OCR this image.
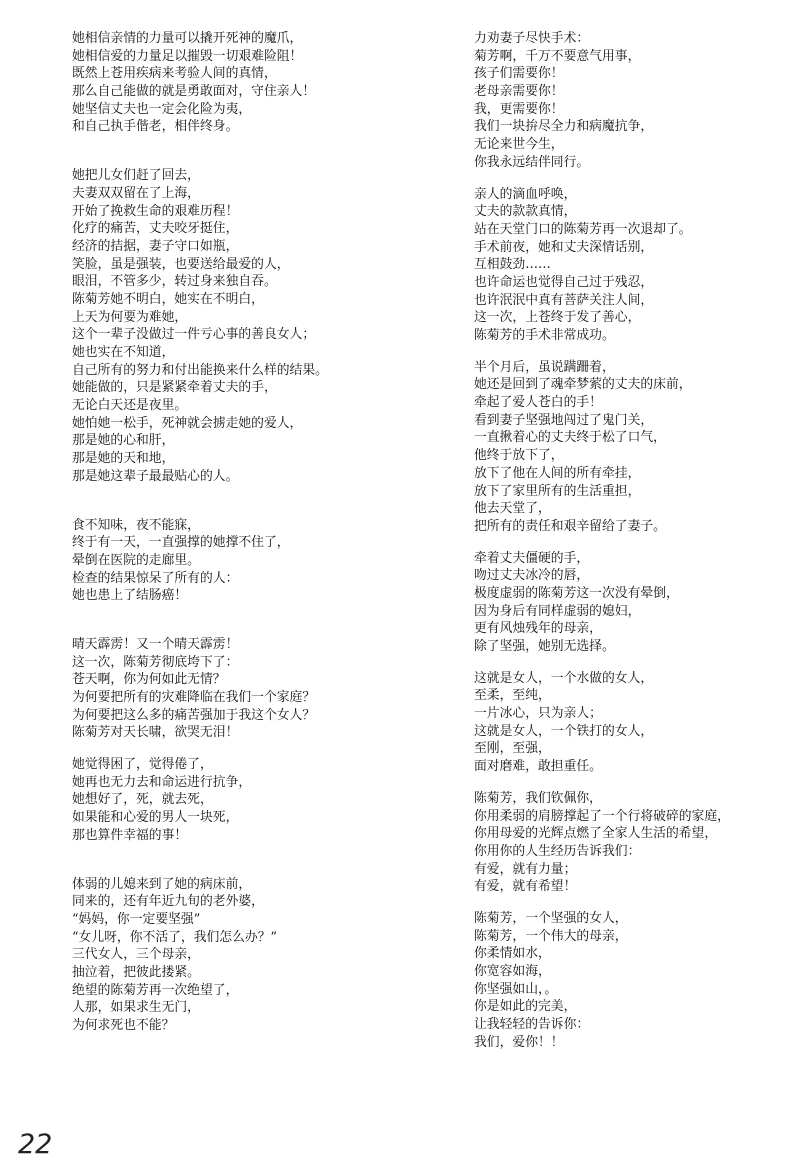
她相信亲情的力量可以撬开死神的魔爪，
她相信爱的力量足以摧毁一切艰难险阻！
既然上苍用疾病来考验人间的真情，
那么自己能做的就是勇敢面对，守住亲人！
她坚信丈夫也一定会化险为夷，
和自己执手偕老，相伴终身。
她把儿女们赶了回去，
夫妻双双留在了上海，
开始了挽救生命的艰难历程！
化疗的痛苦，丈夫咬牙挺住，
经济的拮据，妻子守口如瓶，
笑脸，虽是强装，也要送给最爱的人，
眼泪，不管多少，转过身来独自吞。
陈菊芳她不明白，她实在不明白，
上天为何要为难她，
这个一辈子没做过一件亏心事的善良女人；
她也实在不知道，
自己所有的努力和付出能换来什么样的结果。
她能做的，只是紧紧牵着丈夫的手，
无论白天还是夜里。
她怕她一松手，死神就会掳走她的爱人，
那是她的心和肝，
那是她的天和地，
那是她这辈子最最贴心的人。
食不知味，夜不能寐，
终于有一天，一直强撑的她撑不住了，
晕倒在医院的走廊里。
检查的结果惊呆了所有的人：
她也患上了结肠癌！
晴天霹雳！又一个晴天霹雳！
这一次，陈菊芳彻底垮下了：
苍天啊，你为何如此无情？
为何要把所有的灾难降临在我们一个家庭？
为何要把这么多的痛苦强加于我这个女人？
陈菊芳对天长啸，欲哭无泪！
她觉得困了，觉得倦了，
她再也无力去和命运进行抗争，
她想好了，死，就去死，
如果能和心爱的男人一块死，
那也算件幸福的事！
体弱的儿媳来到了她的病床前，
同来的，还有年近九旬的老外婆，
“妈妈，你一定要坚强”
“女儿呀，你不活了，我们怎么办？”
三代女人，三个母亲，
抽泣着，把彼此搂紧。
绝望的陈菊芳再一次绝望了，
人那，如果求生无门，
为何求死也不能？
力劝妻子尽快手术：
菊芳啊，千万不要意气用事，
孩子们需要你！
老母亲需要你！
我，更需要你！
我们一块拚尽全力和病魔抗争，
无论来世今生，
你我永远结伴同行。
亲人的滴血呼唤，
丈夫的款款真情，
站在天堂门口的陈菊芳再一次退却了。
手术前夜，她和丈夫深情话别，
互相鼓劲……
也许命运也觉得自己过于残忍，
也许泯泯中真有菩萨关注人间，
这一次，上苍终于发了善心，
陈菊芳的手术非常成功。
半个月后，虽说蹒跚着，
她还是回到了魂牵梦萦的丈夫的床前，
牵起了爱人苍白的手！
看到妻子坚强地闯过了鬼门关，
一直揪着心的丈夫终于松了口气，
他终于放下了，
放下了他在人间的所有牵挂，
放下了家里所有的生活重担，
他去天堂了，
把所有的责任和艰辛留给了妻子。
牵着丈夫僵硬的手，
吻过丈夫冰冷的唇，
极度虚弱的陈菊芳这一次没有晕倒，
因为身后有同样虚弱的媳妇，
更有风烛残年的母亲，
除了坚强，她别无选择。
这就是女人，一个水做的女人，
至柔，至纯，
一片冰心，只为亲人；
这就是女人，一个铁打的女人，
至刚，至强，
面对磨难，敢担重任。
陈菊芳，我们钦佩你，
你用柔弱的肩膀撑起了一个行将破碎的家庭，
你用母爱的光辉点燃了全家人生活的希望，
你用你的人生经历告诉我们：
有爱，就有力量；
有爱，就有希望！
陈菊芳，一个坚强的女人，
陈菊芳，一个伟大的母亲，
你柔情如水，
你宽容如海，
你坚强如山，。
你是如此的完美，
让我轻轻的告诉你：
我们，爱你！！
22
